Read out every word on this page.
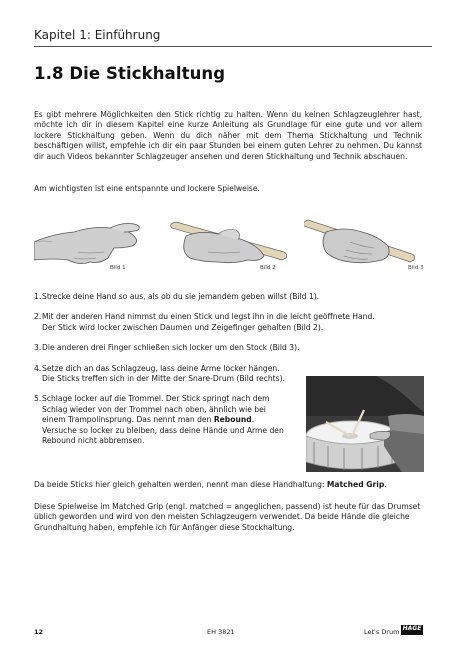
Kapitel 1: Einführung
1.8 Die Stickhaltung
Es gibt mehrere Möglichkeiten den Stick richtig zu halten. Wenn du keinen Schlagzeuglehrer hast, möchte ich dir in diesem Kapitel eine kurze Anleitung als Grundlage für eine gute und vor allem lockere Stickhaltung geben. Wenn du dich näher mit dem Thema Stickhaltung und Technik beschäftigen willst, empfehle ich dir ein paar Stunden bei einem guten Lehrer zu nehmen. Du kannst dir auch Videos bekannter Schlagzeuger ansehen und deren Stickhaltung und Technik abschauen.
Am wichtigsten ist eine entspannte und lockere Spielweise.
Bild 1	Bild 2	Bild 3
1. Strecke deine Hand so aus, als ob du sie jemandem geben willst (Bild 1).
2. Mit der anderen Hand nimmst du einen Stick und legst ihn in die leicht geöffnete Hand.
Der Stick wird locker zwischen Daumen und Zeigefinger gehalten (Bild 2).
3. Die anderen drei Finger schließen sich locker um den Stock (Bild 3).
4. Setze dich an das Schlagzeug, lass deine Arme locker hängen.
Die Sticks treffen sich in der Mitte der Snare-Drum (Bild rechts).
5. Schlage locker auf die Trommel. Der Stick springt nach dem
Schlag wieder von der Trommel nach oben, ähnlich wie bei
einem Trampolinsprung. Das nennt man den Rebound.
Versuche so locker zu bleiben, dass deine Hände und Arme den
Rebound nicht abbremsen.
Da beide Sticks hier gleich gehalten werden, nennt man diese Handhaltung: Matched Grip.
Diese Spielweise im Matched Grip (engl. matched = angeglichen, passend) ist heute für das Drumset üblich geworden und wird von den meisten Schlagzeugern verwendet. Da beide Hände die gleiche Grundhaltung haben, empfehle ich für Anfänger diese Stockhaltung.
12	EH 3821	Let's Drum HAGE
